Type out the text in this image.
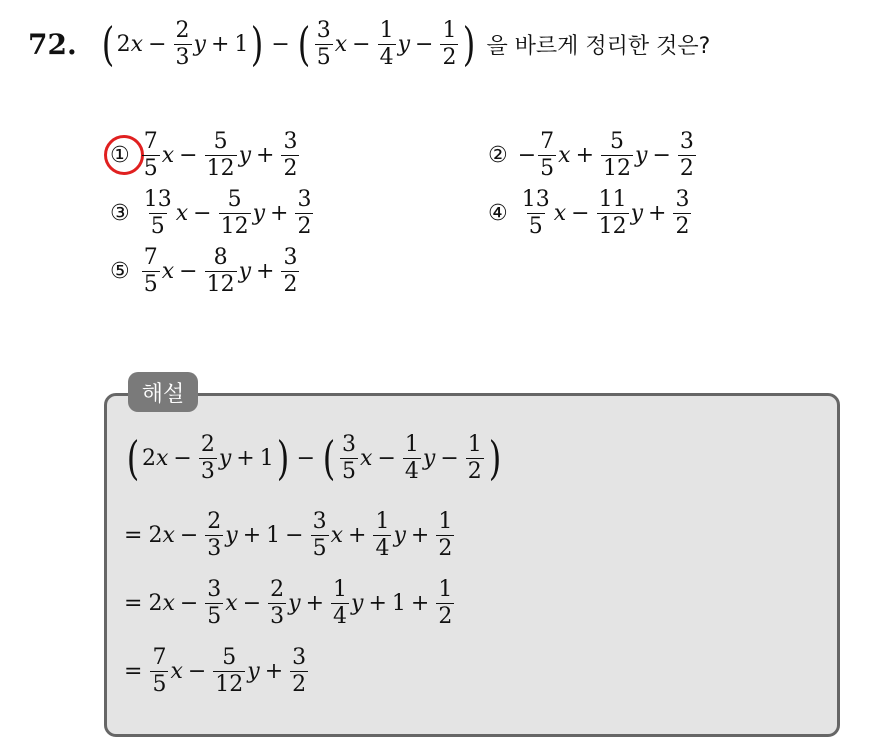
72. ( 2 $x - \frac{2}{3}$ y + 1 ) − ( $\frac{3}{5}$ $x - \frac{1}{4}$ $y - \frac{1}{2}$ ) 을 바르게 정리한 것은?
① $\frac{7}{5}$ $x - \frac{5}{12}$ $y + \frac{3}{2}$	② − $\frac{7}{5}$ $x + \frac{5}{12}$ $y - \frac{3}{2}$
③ $\frac{13}{5}$ $x - \frac{5}{12}$ $y + \frac{3}{2}$	④ $\frac{13}{5}$ $x - \frac{11}{12}$ $y + \frac{3}{2}$
⑤ $\frac{7}{5}$ $x - \frac{8}{12}$ $y + \frac{3}{2}$
해설
( 2 $x - \frac{2}{3}$ y + 1 ) − ( $\frac{3}{5}$ $x - \frac{1}{4}$ $y - \frac{1}{2}$ )
= 2 $x - \frac{2}{3}$ $y + 1 - \frac{3}{5}$ $x + \frac{1}{4}$ $y + \frac{1}{2}$
= 2 $x - \frac{3}{5}$ $x - \frac{2}{3}$ $y + \frac{1}{4}$ $y + 1 + \frac{1}{2}$
= $\frac{7}{5}$ $x - \frac{5}{12}$ $y + \frac{3}{2}$
